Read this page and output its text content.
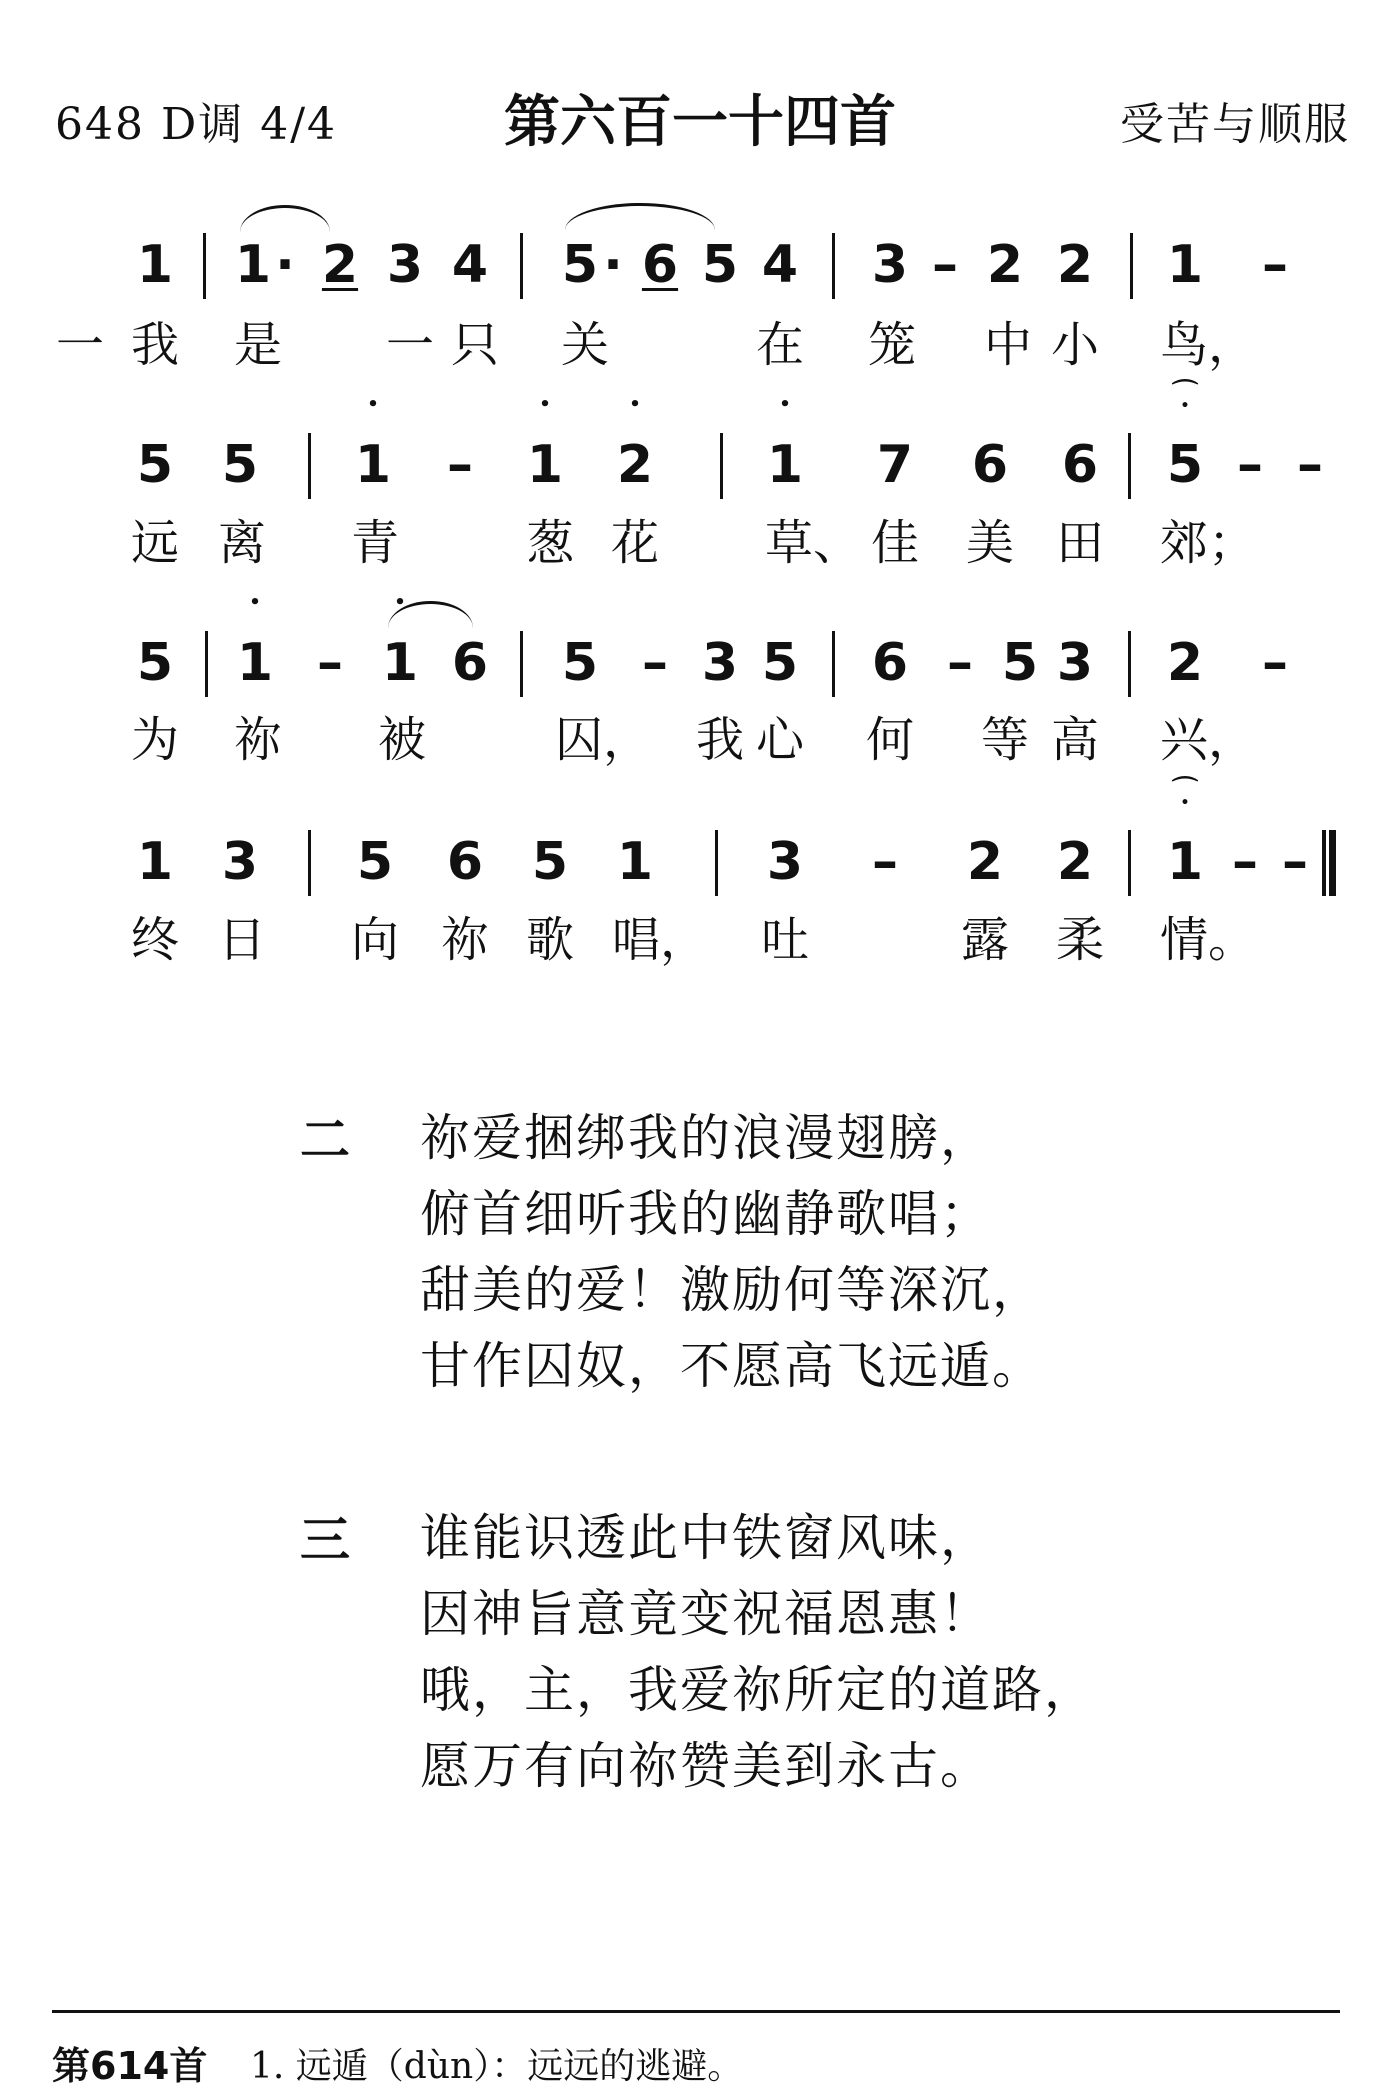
648 D调 4/4	第六百一十四首	受苦与顺服
1 1 · 2 3 4 5 · 6 5 4 3 – 2 2 1 –
一 我 是 一 只 关	在 笼 中 小 鸟，
5 5 • 1 – • 1 • 2 • 1 7 6 6 ⌒ 5 • – –
远 离 青	葱 花 草、 佳 美 田 郊；
5 • 1 – • 1 6 5 – 3 5 6 – 5 3 2 –
为 祢 被	囚， 我 心 何 等 高 兴，
1 3 5 6 5 1 3 – 2 2 ⌒ 1 • – –
终 日 向 祢 歌 唱， 吐	露 柔 情。
二 祢爱捆绑我的浪漫翅膀，
俯首细听我的幽静歌唱；
甜美的爱！激励何等深沉，
甘作囚奴，不愿高飞远遁。
三 谁能识透此中铁窗风味，
因神旨意竟变祝福恩惠！
哦，主，我爱祢所定的道路，
愿万有向祢赞美到永古。
第614首 1. 远遁（dùn）：远远的逃避。
